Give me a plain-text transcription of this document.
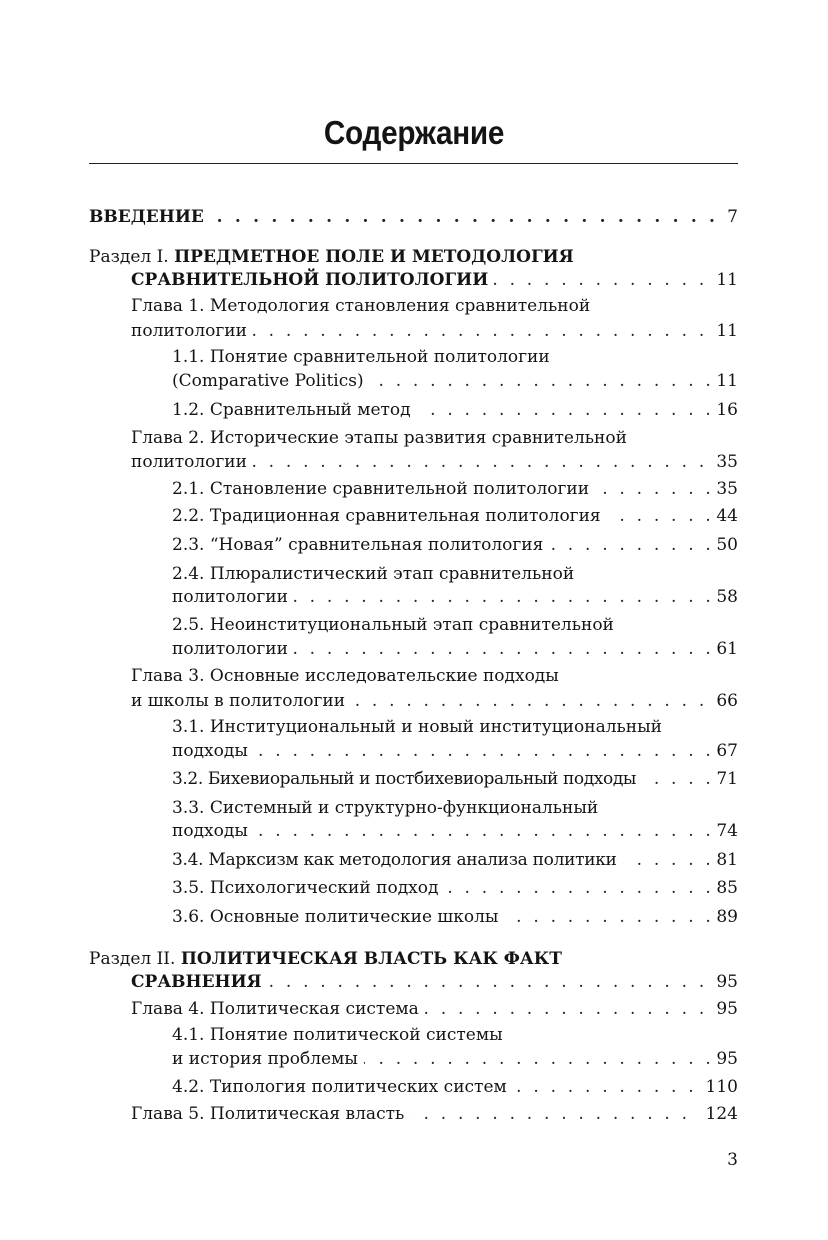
Содержание
. . .
ВВЕДЕНИЕ	7
Раздел I. ПРЕДМЕТНОЕ ПОЛЕ И МЕТОДОЛОГИЯ
. . .
СРАВНИТЕЛЬНОЙ ПОЛИТОЛОГИИ	11
Глава 1. Методология становления сравнительной
. . .
политологии	11
1.1. Понятие сравнительной политологии
. . .
(Comparative Politics)	11
. . .
1.2. Сравнительный метод	16
Глава 2. Исторические этапы развития сравнительной
. . .
политологии	35
. . .
2.1. Становление сравнительной политологии	35
. . .
2.2. Традиционная сравнительная политология	44
. . .
2.3. “Новая” сравнительная политология	50
2.4. Плюралистический этап сравнительной
. . .
политологии	58
2.5. Неоинституциональный этап сравнительной
. . .
политологии	61
Глава 3. Основные исследовательские подходы
. . .
и школы в политологии	66
3.1. Институциональный и новый институциональный
. . .
подходы	67
. . .
3.2. Бихевиоральный и постбихевиоральный подходы	71
3.3. Системный и структурно-функциональный
. . .
подходы	74
. . .
3.4. Марксизм как методология анализа политики	81
. . .
3.5. Психологический подход	85
. . .
3.6. Основные политические школы	89
Раздел II. ПОЛИТИЧЕСКАЯ ВЛАСТЬ КАК ФАКТ
. . .
СРАВНЕНИЯ	95
. . .
Глава 4. Политическая система	95
4.1. Понятие политической системы
. . .
и история проблемы	95
. . .
4.2. Типология политических систем	110
. . .
Глава 5. Политическая власть	124
3
